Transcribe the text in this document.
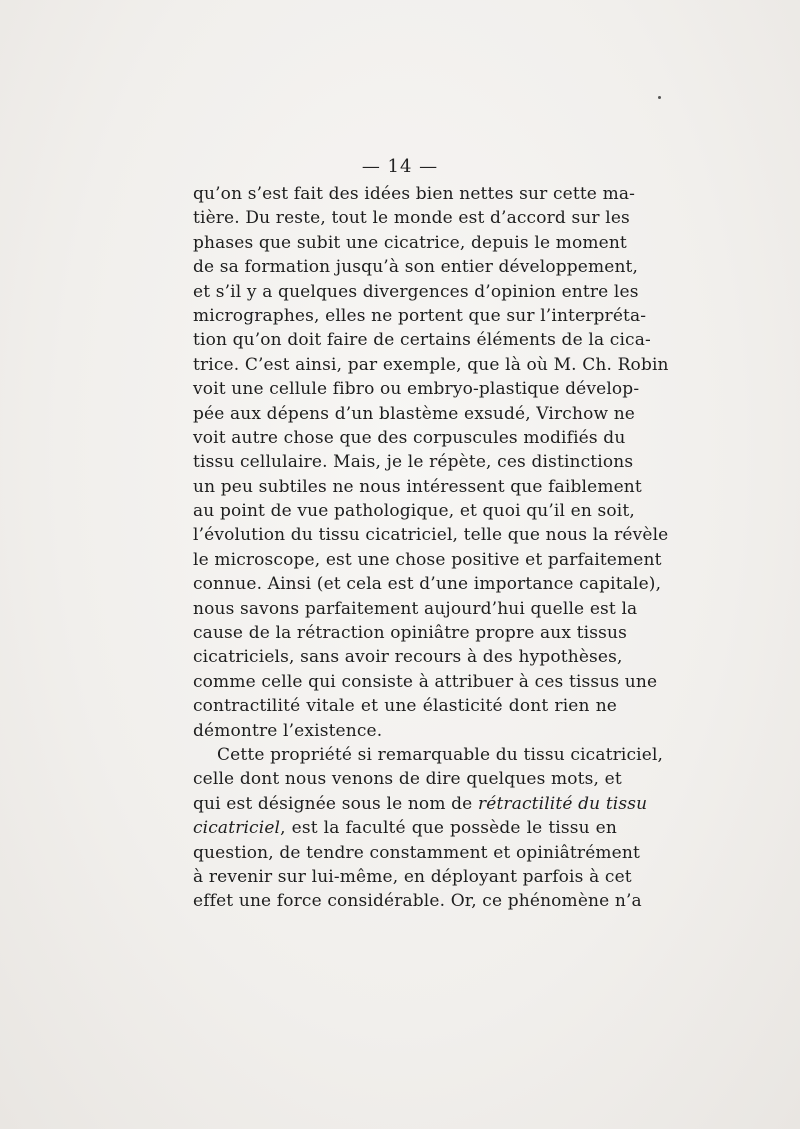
— 14 —
qu’on s’est fait des idées bien nettes sur cette ma-
tière. Du reste, tout le monde est d’accord sur les
phases que subit une cicatrice, depuis le moment
de sa formation jusqu’à son entier développement,
et s’il y a quelques divergences d’opinion entre les
micrographes, elles ne portent que sur l’interpréta-
tion qu’on doit faire de certains éléments de la cica-
trice. C’est ainsi, par exemple, que là où M. Ch. Robin
voit une cellule fibro ou embryo-plastique dévelop-
pée aux dépens d’un blastème exsudé, Virchow ne
voit autre chose que des corpuscules modifiés du
tissu cellulaire. Mais, je le répète, ces distinctions
un peu subtiles ne nous intéressent que faiblement
au point de vue pathologique, et quoi qu’il en soit,
l’évolution du tissu cicatriciel, telle que nous la révèle
le microscope, est une chose positive et parfaitement
connue. Ainsi (et cela est d’une importance capitale),
nous savons parfaitement aujourd’hui quelle est la
cause de la rétraction opiniâtre propre aux tissus
cicatriciels, sans avoir recours à des hypothèses,
comme celle qui consiste à attribuer à ces tissus une
contractilité vitale et une élasticité dont rien ne
démontre l’existence.
Cette propriété si remarquable du tissu cicatriciel,
celle dont nous venons de dire quelques mots, et
qui est désignée sous le nom de rétractilité du tissu
cicatriciel, est la faculté que possède le tissu en
question, de tendre constamment et opiniâtrément
à revenir sur lui-même, en déployant parfois à cet
effet une force considérable. Or, ce phénomène n’a
